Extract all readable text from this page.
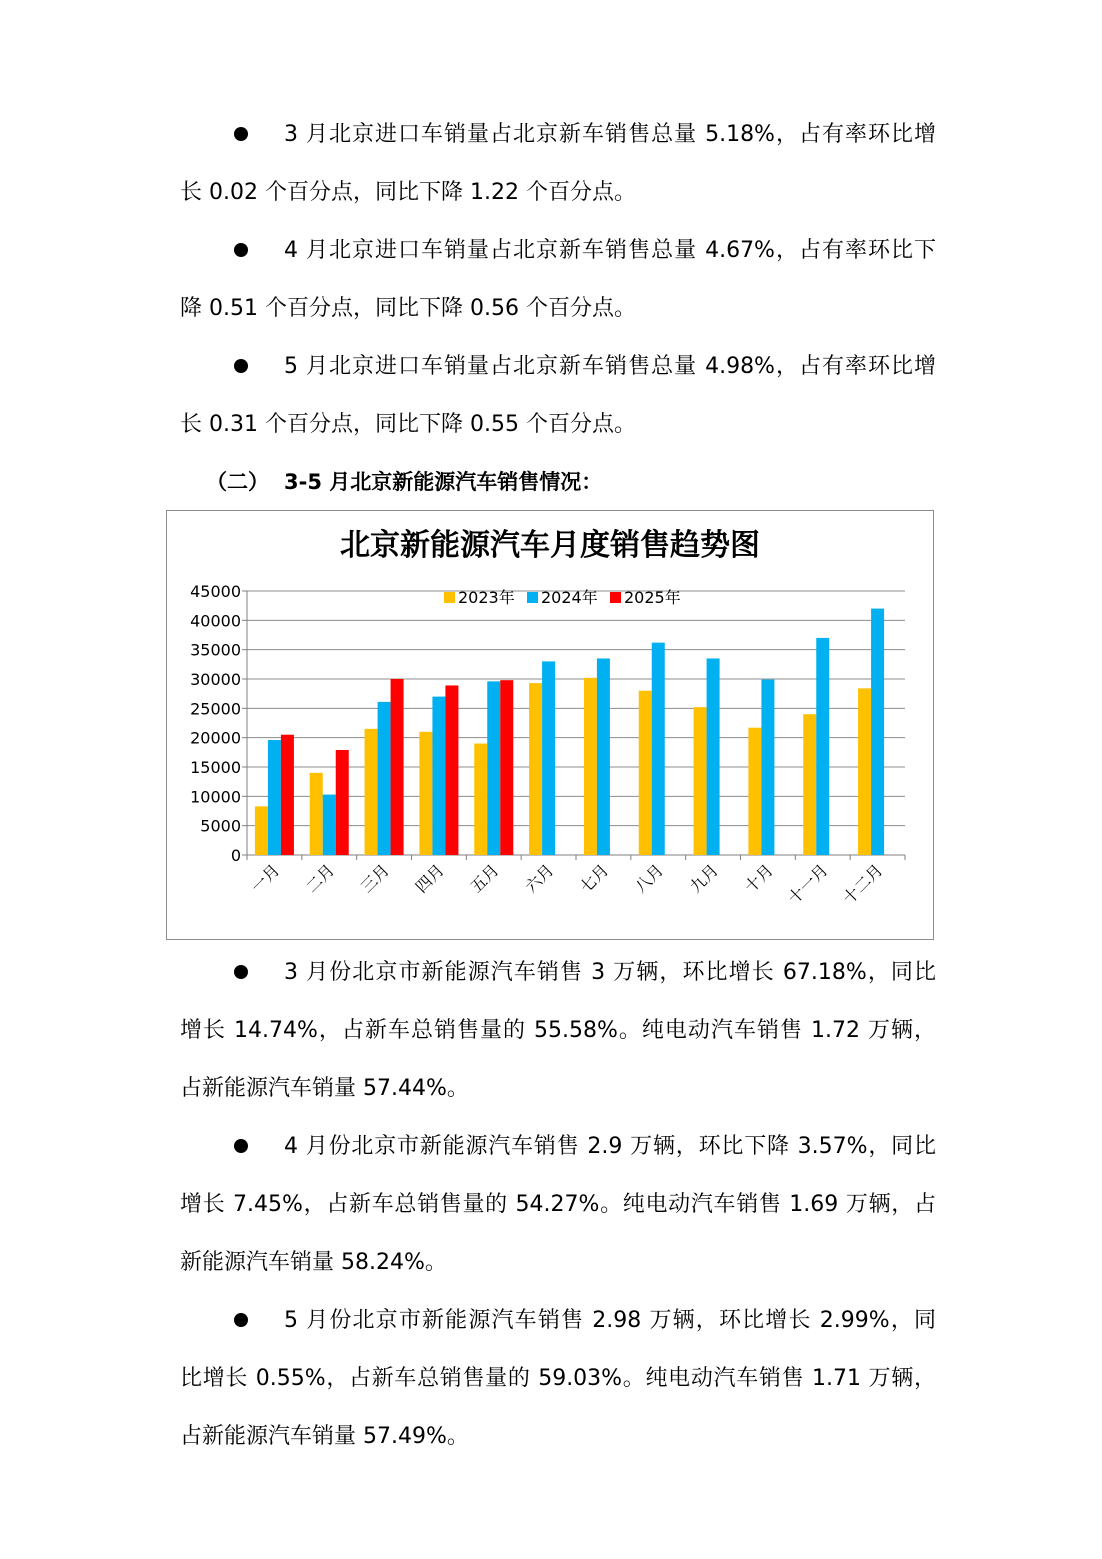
3 月北京进口车销量占北京新车销售总量 5.18%，占有率环比增
长 0.02 个百分点，同比下降 1.22 个百分点。
4 月北京进口车销量占北京新车销售总量 4.67%，占有率环比下
降 0.51 个百分点，同比下降 0.56 个百分点。
5 月北京进口车销量占北京新车销售总量 4.98%，占有率环比增
长 0.31 个百分点，同比下降 0.55 个百分点。
（二） 3-5 月北京新能源汽车销售情况：
北京新能源汽车月度销售趋势图
0
5000
10000
15000
20000
25000
30000
35000
40000
45000
一月 二月 三月 四月 五月 六月 七月 八月 九月 十月 十一月 十二月
2023年 2024年 2025年
3 月份北京市新能源汽车销售 3 万辆，环比增长 67.18%，同比
增长 14.74%，占新车总销售量的 55.58%。纯电动汽车销售 1.72 万辆，
占新能源汽车销量 57.44%。
4 月份北京市新能源汽车销售 2.9 万辆，环比下降 3.57%，同比
增长 7.45%，占新车总销售量的 54.27%。纯电动汽车销售 1.69 万辆，占
新能源汽车销量 58.24%。
5 月份北京市新能源汽车销售 2.98 万辆，环比增长 2.99%，同
比增长 0.55%，占新车总销售量的 59.03%。纯电动汽车销售 1.71 万辆，
占新能源汽车销量 57.49%。
